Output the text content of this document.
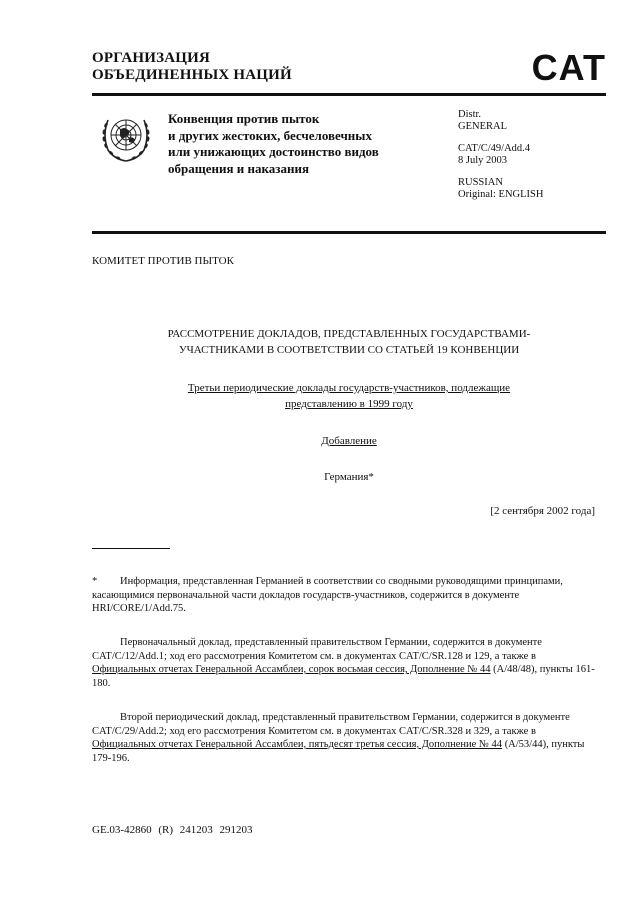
ОРГАНИЗАЦИЯ
ОБЪЕДИНЕННЫХ НАЦИЙ	CAT
Конвенция против пыток
и других жестоких, бесчеловечных
или унижающих достоинство видов
обращения и наказания
Distr.
GENERAL
CAT/C/49/Add.4
8 July 2003
RUSSIAN
Original: ENGLISH
КОМИТЕТ ПРОТИВ ПЫТОК
РАССМОТРЕНИЕ ДОКЛАДОВ, ПРЕДСТАВЛЕННЫХ ГОСУДАРСТВАМИ-
УЧАСТНИКАМИ В СООТВЕТСТВИИ СО СТАТЬЕЙ 19 КОНВЕНЦИИ
Третьи периодические доклады государств-участников, подлежащие
представлению в 1999 году
Добавление
Германия*
[2 сентября 2002 года]
* Информация, представленная Германией в соответствии со сводными руководящими принципами, касающимися первоначальной части докладов государств-участников, содержится в документе HRI/CORE/1/Add.75.
Первоначальный доклад, представленный правительством Германии, содержится в документе CAT/C/12/Add.1; ход его рассмотрения Комитетом см. в документах CAT/C/SR.128 и 129, а также в Официальных отчетах Генеральной Ассамблеи, сорок восьмая сессия, Дополнение № 44 (A/48/48), пункты 161-180.
Второй периодический доклад, представленный правительством Германии, содержится в документе CAT/C/29/Add.2; ход его рассмотрения Комитетом см. в документах CAT/C/SR.328 и 329, а также в Официальных отчетах Генеральной Ассамблеи, пятьдесят третья сессия, Дополнение № 44 (A/53/44), пункты 179-196.
GE.03-42860 (R) 241203 291203
